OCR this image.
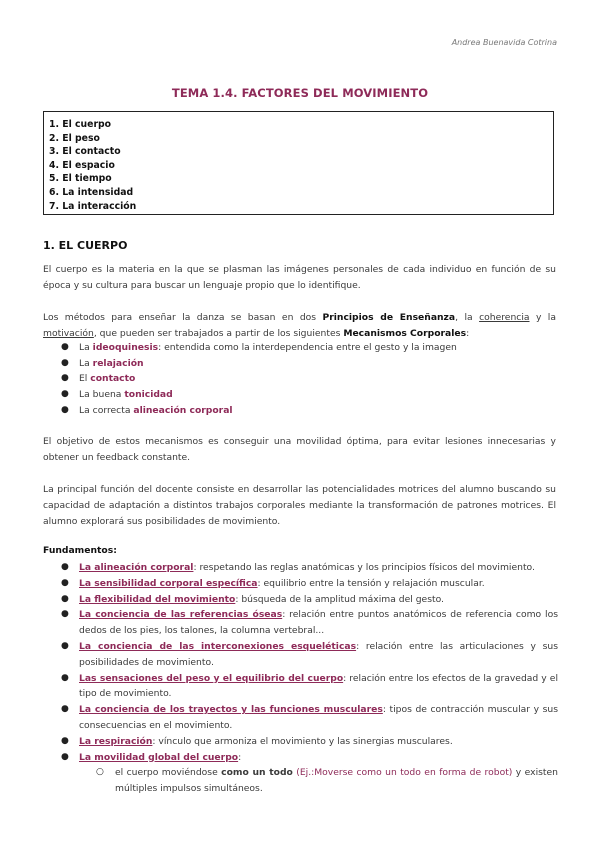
Andrea Buenavida Cotrina
TEMA 1.4. FACTORES DEL MOVIMIENTO
1. El cuerpo
2. El peso
3. El contacto
4. El espacio
5. El tiempo
6. La intensidad
7. La interacción
1. EL CUERPO
El cuerpo es la materia en la que se plasman las imágenes personales de cada individuo en función de su época y su cultura para buscar un lenguaje propio que lo identifique.
Los métodos para enseñar la danza se basan en dos Principios de Enseñanza, la coherencia y la motivación, que pueden ser trabajados a partir de los siguientes Mecanismos Corporales:
● La ideoquinesis: entendida como la interdependencia entre el gesto y la imagen
● La relajación
● El contacto
● La buena tonicidad
● La correcta alineación corporal
El objetivo de estos mecanismos es conseguir una movilidad óptima, para evitar lesiones innecesarias y obtener un feedback constante.
La principal función del docente consiste en desarrollar las potencialidades motrices del alumno buscando su capacidad de adaptación a distintos trabajos corporales mediante la transformación de patrones motrices. El alumno explorará sus posibilidades de movimiento.
Fundamentos:
● La alineación corporal: respetando las reglas anatómicas y los principios físicos del movimiento.
● La sensibilidad corporal específica: equilibrio entre la tensión y relajación muscular.
● La flexibilidad del movimiento: búsqueda de la amplitud máxima del gesto.
● La conciencia de las referencias óseas: relación entre puntos anatómicos de referencia como los dedos de los pies, los talones, la columna vertebral...
● La conciencia de las interconexiones esqueléticas: relación entre las articulaciones y sus posibilidades de movimiento.
● Las sensaciones del peso y el equilibrio del cuerpo: relación entre los efectos de la gravedad y el tipo de movimiento.
● La conciencia de los trayectos y las funciones musculares: tipos de contracción muscular y sus consecuencias en el movimiento.
● La respiración: vínculo que armoniza el movimiento y las sinergias musculares.
● La movilidad global del cuerpo:
○ el cuerpo moviéndose como un todo (Ej.:Moverse como un todo en forma de robot) y existen múltiples impulsos simultáneos.
